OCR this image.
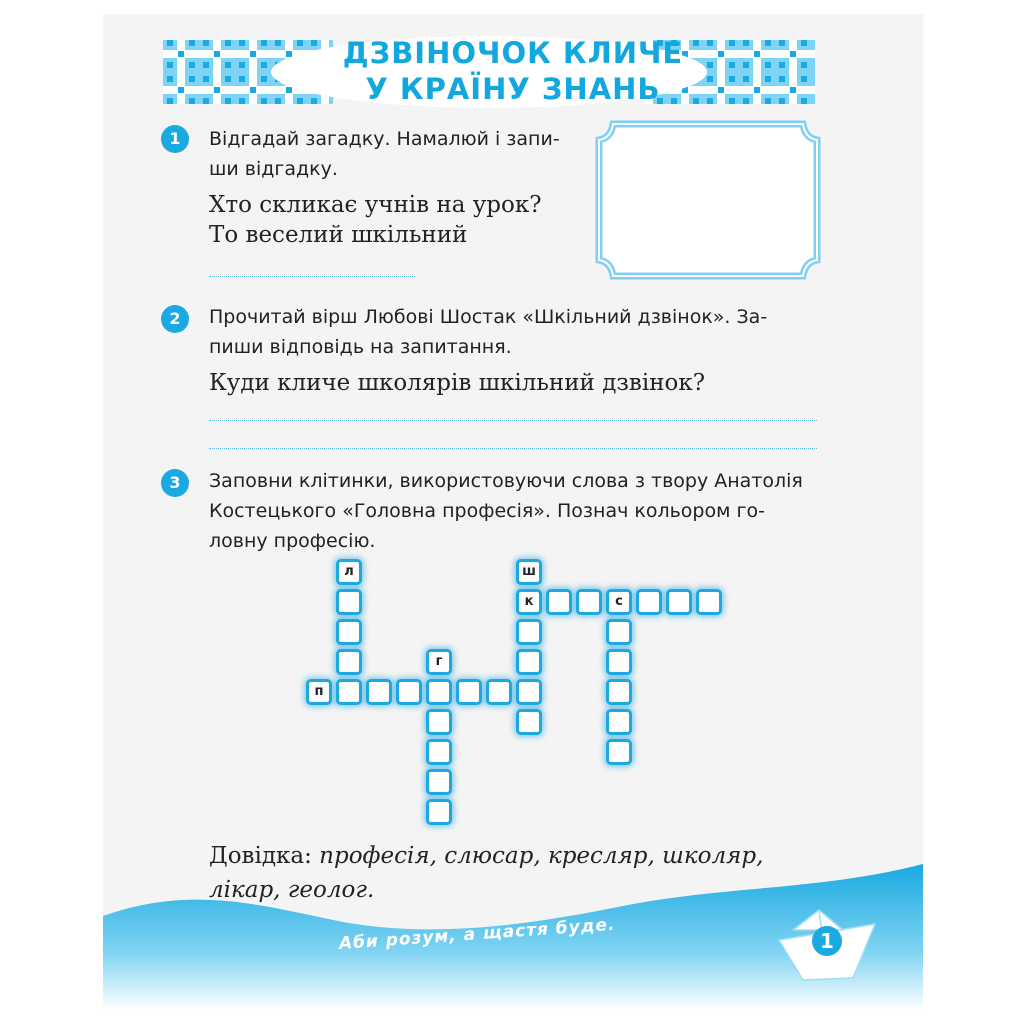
ДЗВІНОЧОК КЛИЧЕ
У КРАЇНУ ЗНАНЬ
1	Відгадай загадку. Намалюй і запи-
ши відгадку.
Хто скликає учнів на урок?
То веселий шкільний
2	Прочитай вірш Любові Шостак «Шкільний дзвінок». За-
пиши відповідь на запитання.
Куди кличе школярів шкільний дзвінок?
3	Заповни клітинки, використовуючи слова з твору Анатолія
Костецького «Головна професія». Познач кольором го-
ловну професію.
л
п
г
ш
к	с
Довідка: професія, слюсар, кресляр, школяр, лікар, геолог.
Аби розум, а щастя буде.	1
